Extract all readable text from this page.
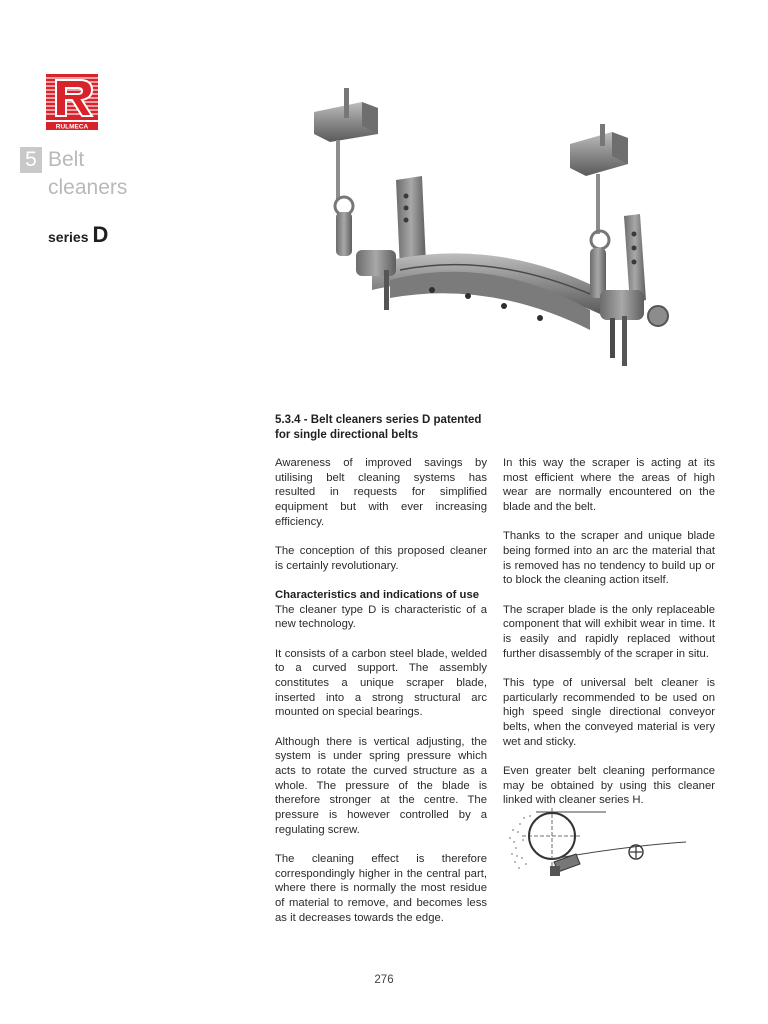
RULMECA
5 Belt
cleaners
series D
5.3.4 - Belt cleaners series D patented
for single directional belts

Awareness of improved savings by utilising belt cleaning systems has resulted in requests for simplified equipment but with ever increasing efficiency.

The conception of this proposed cleaner is certainly revolutionary.

Characteristics and indications of use
The cleaner type D is characteristic of a new technology.

It consists of a carbon steel blade, welded to a curved support. The assembly constitutes a unique scraper blade, inserted into a strong structural arc mounted on special bearings.

Although there is vertical adjusting, the system is under spring pressure which acts to rotate the curved structure as a whole. The pressure of the blade is therefore stronger at the centre. The pressure is however controlled by a regulating screw.

The cleaning effect is therefore correspondingly higher in the central part, where there is normally the most residue of material to remove, and becomes less as it decreases towards the edge.

In this way the scraper is acting at its most efficient where the areas of high wear are normally encountered on the blade and the belt.

Thanks to the scraper and unique blade being formed into an arc the material that is removed has no tendency to build up or to block the cleaning action itself.

The scraper blade is the only replaceable component that will exhibit wear in time. It is easily and rapidly replaced without further disassembly of the scraper in situ.

This type of universal belt cleaner is particularly recommended to be used on high speed single directional conveyor belts, when the conveyed material is very wet and sticky.

Even greater belt cleaning performance may be obtained by using this cleaner linked with cleaner series H.

276
